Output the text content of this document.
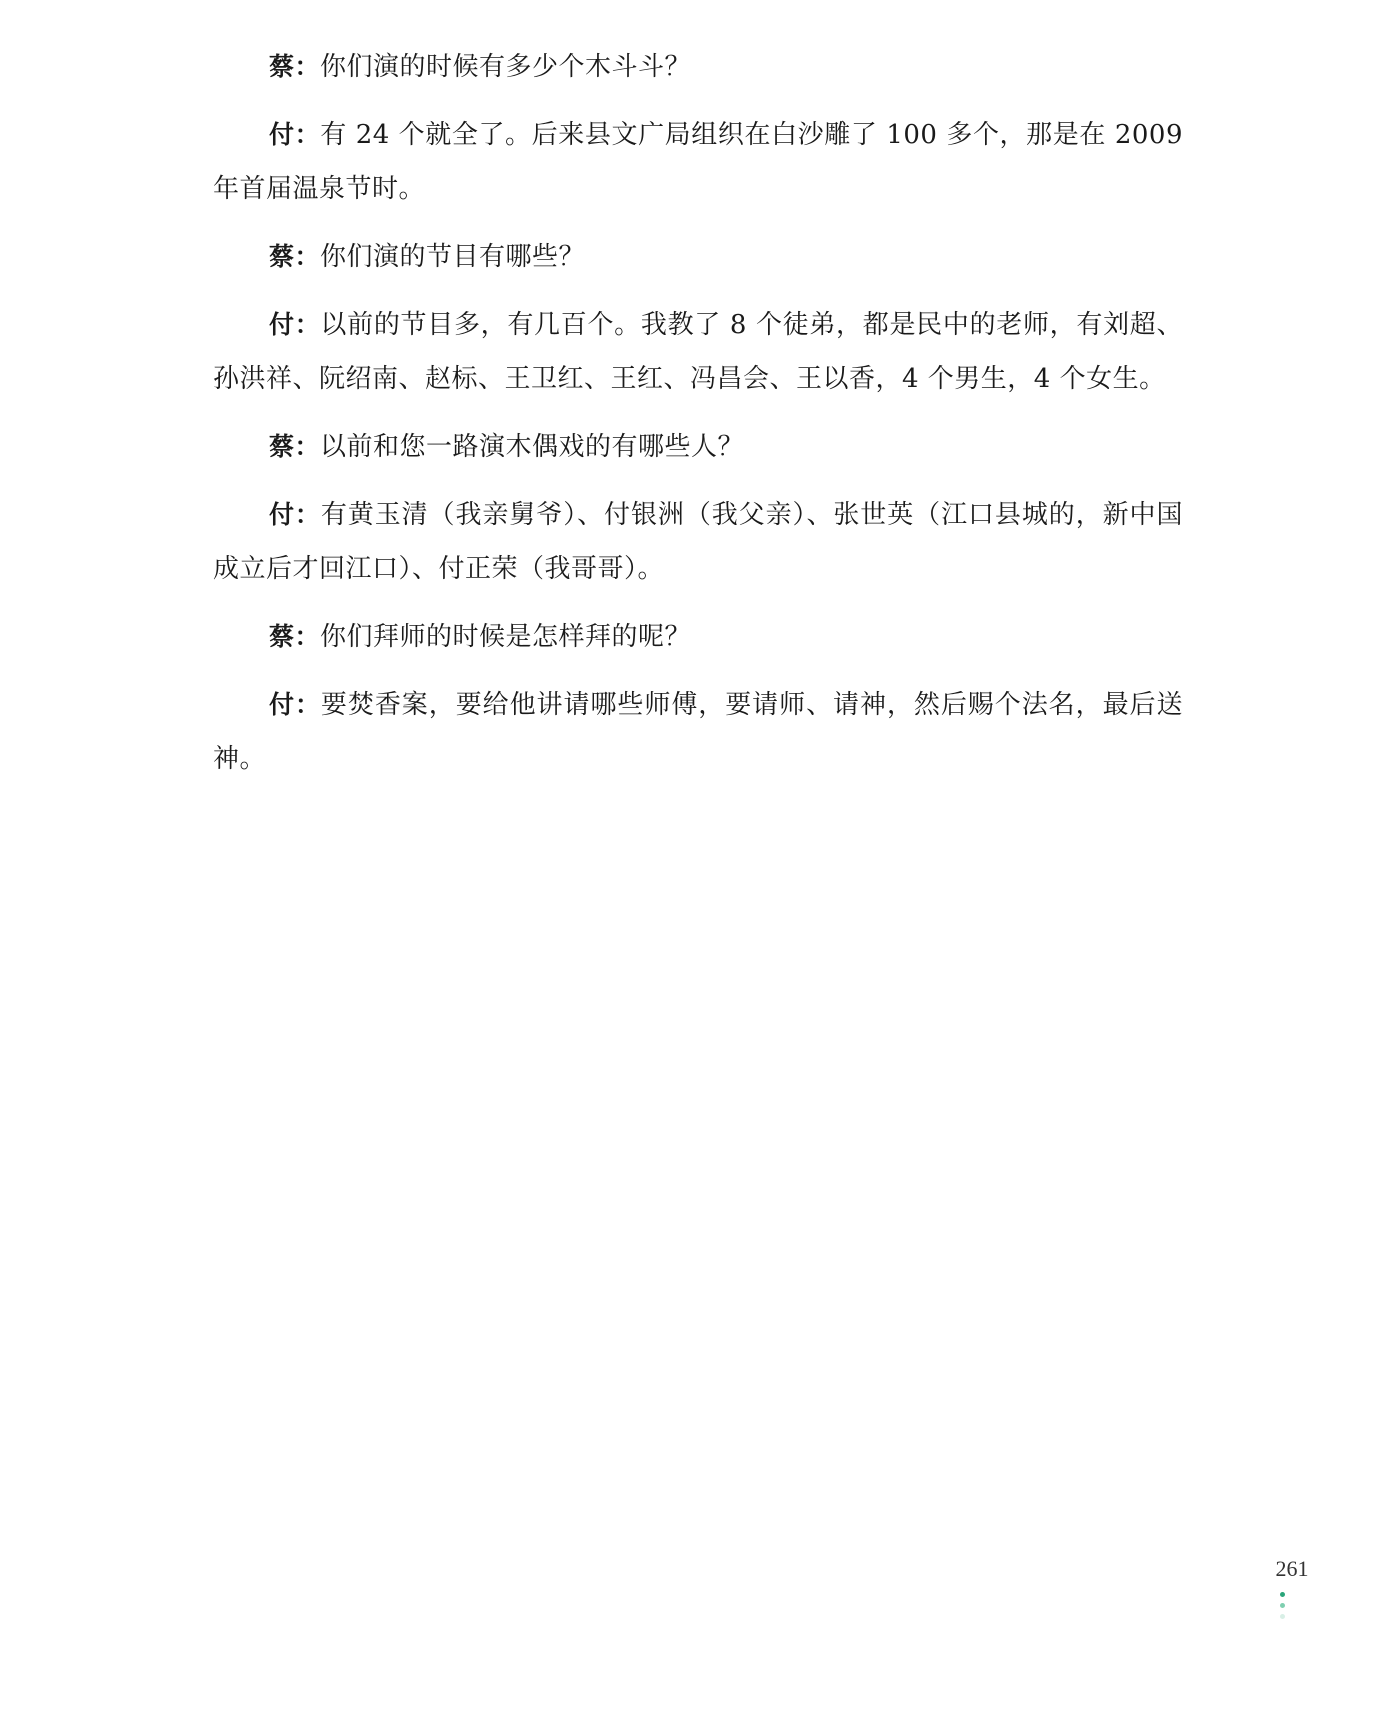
蔡：你们演的时候有多少个木斗斗？

付：有 24 个就全了。后来县文广局组织在白沙雕了 100 多个，那是在 2009 年首届温泉节时。

蔡：你们演的节目有哪些？

付：以前的节目多，有几百个。我教了 8 个徒弟，都是民中的老师，有刘超、孙洪祥、阮绍南、赵标、王卫红、王红、冯昌会、王以香，4 个男生，4 个女生。

蔡：以前和您一路演木偶戏的有哪些人？

付：有黄玉清（我亲舅爷）、付银洲（我父亲）、张世英（江口县城的，新中国成立后才回江口）、付正荣（我哥哥）。

蔡：你们拜师的时候是怎样拜的呢？

付：要焚香案，要给他讲请哪些师傅，要请师、请神，然后赐个法名，最后送神。

261
